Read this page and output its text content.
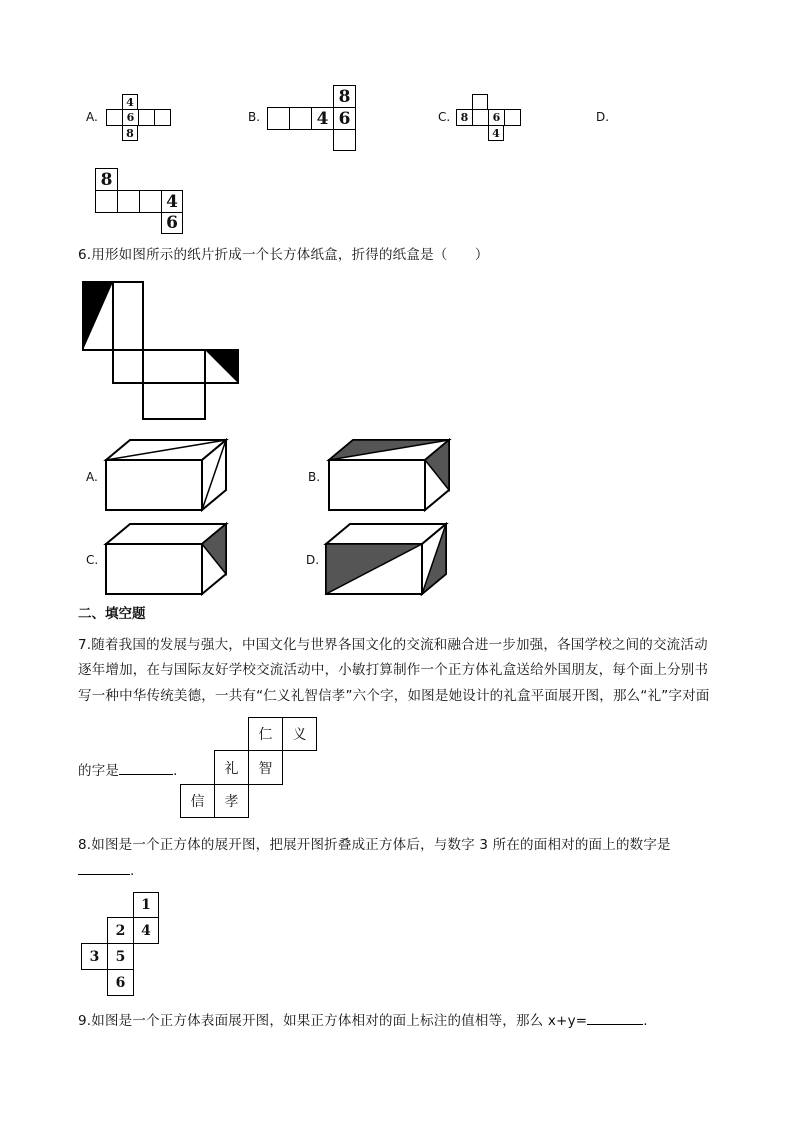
A.
4
6
8
B.
8
4 6	C. 8	6
4
D.
8
4
6
6.用形如图所示的纸片折成一个长方体纸盒，折得的纸盒是（　　）
A.	B.
C.	D.
二、填空题
7.随着我国的发展与强大，中国文化与世界各国文化的交流和融合进一步加强，各国学校之间的交流活动
逐年增加，在与国际友好学校交流活动中，小敏打算制作一个正方体礼盒送给外国朋友，每个面上分别书
写一种中华传统美德，一共有“仁义礼智信孝”六个字，如图是她设计的礼盒平面展开图，那么“礼”字对面
的字是	.
仁	义
礼	智
信	孝
8.如图是一个正方体的展开图，把展开图折叠成正方体后，与数字 3 所在的面相对的面上的数字是
.
1
2	4
3	5
6
9.如图是一个正方体表面展开图，如果正方体相对的面上标注的值相等，那么 x+y=	.
